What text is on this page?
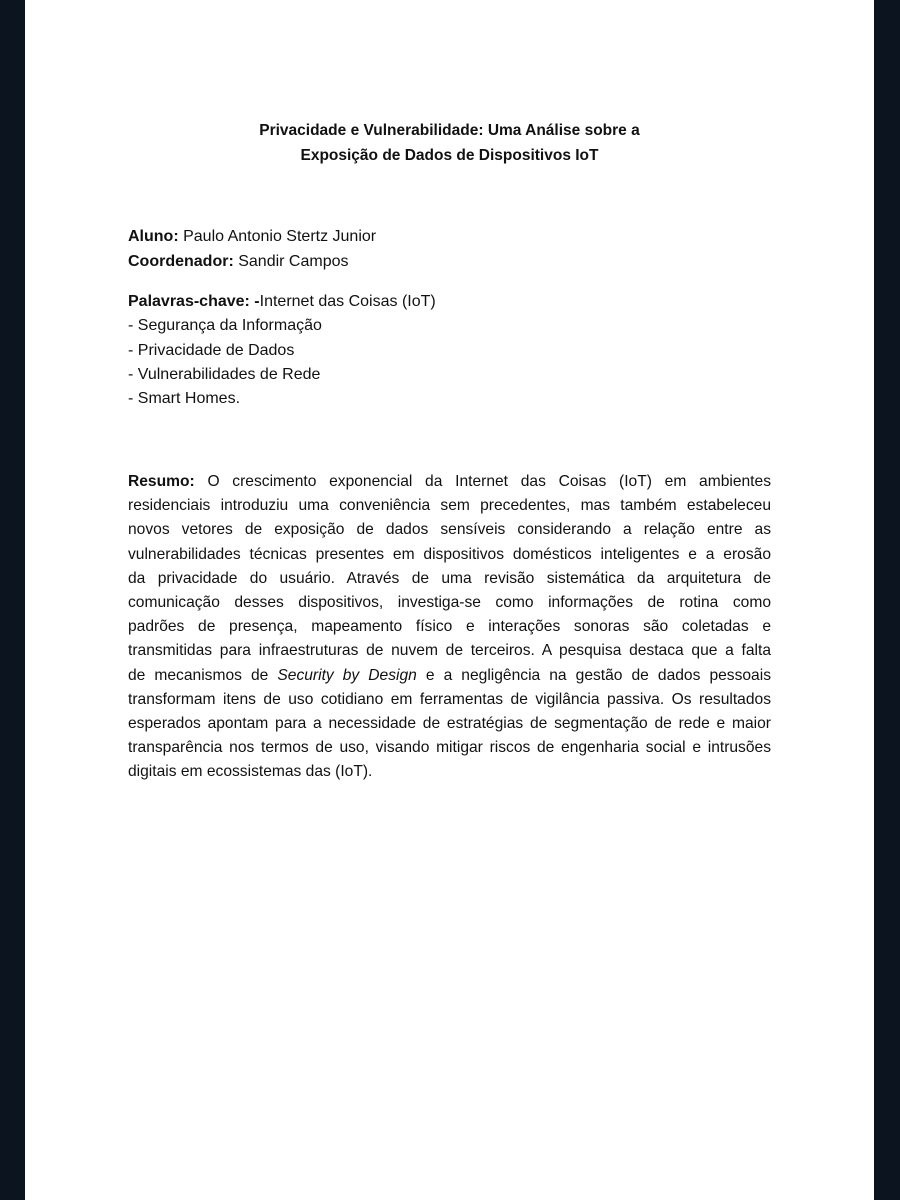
Privacidade e Vulnerabilidade: Uma Análise sobre a
Exposição de Dados de Dispositivos IoT
Aluno: Paulo Antonio Stertz Junior
Coordenador: Sandir Campos
Palavras-chave: -Internet das Coisas (IoT)
- Segurança da Informação
- Privacidade de Dados
- Vulnerabilidades de Rede
- Smart Homes.
Resumo: O crescimento exponencial da Internet das Coisas (IoT) em ambientes
residenciais introduziu uma conveniência sem precedentes, mas também estabeleceu
novos vetores de exposição de dados sensíveis considerando a relação entre as
vulnerabilidades técnicas presentes em dispositivos domésticos inteligentes e a erosão
da privacidade do usuário. Através de uma revisão sistemática da arquitetura de
comunicação desses dispositivos, investiga-se como informações de rotina como
padrões de presença, mapeamento físico e interações sonoras são coletadas e
transmitidas para infraestruturas de nuvem de terceiros. A pesquisa destaca que a falta
de mecanismos de Security by Design e a negligência na gestão de dados pessoais
transformam itens de uso cotidiano em ferramentas de vigilância passiva. Os resultados
esperados apontam para a necessidade de estratégias de segmentação de rede e maior
transparência nos termos de uso, visando mitigar riscos de engenharia social e intrusões
digitais em ecossistemas das (IoT).
